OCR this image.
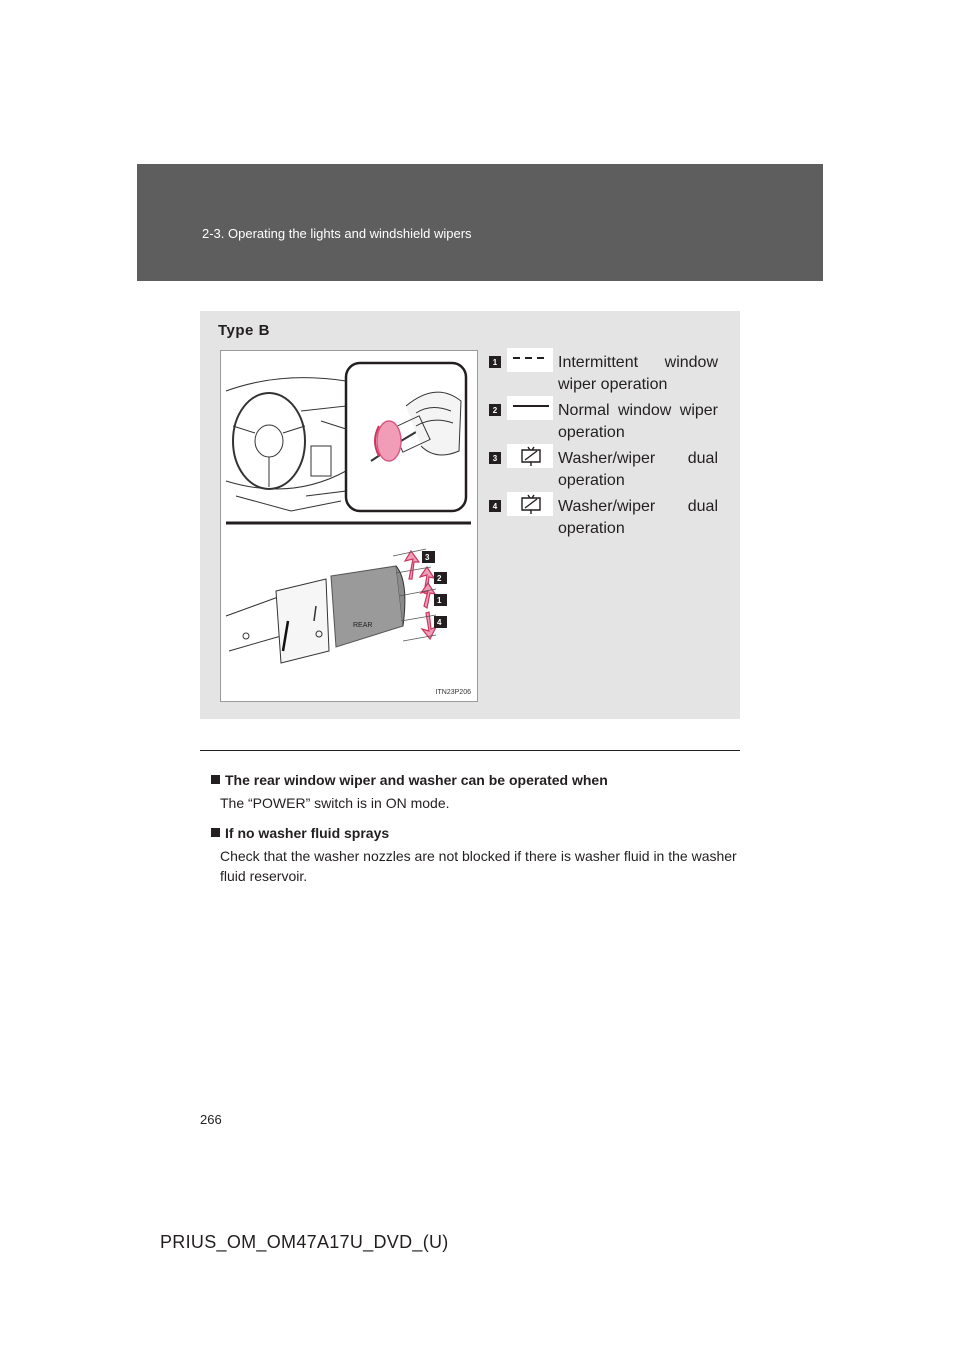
2-3. Operating the lights and windshield wipers
Type B
REAR
3
2
1
4
ITN23P206
1	Intermittent window wiper operation
2	Normal window wiper operation
3	Washer/wiper dual operation
4	Washer/wiper dual operation

The rear window wiper and washer can be operated when

The “POWER” switch is in ON mode.

If no washer fluid sprays

Check that the washer nozzles are not blocked if there is washer fluid in the washer fluid reservoir.

266
PRIUS_OM_OM47A17U_DVD_(U)
